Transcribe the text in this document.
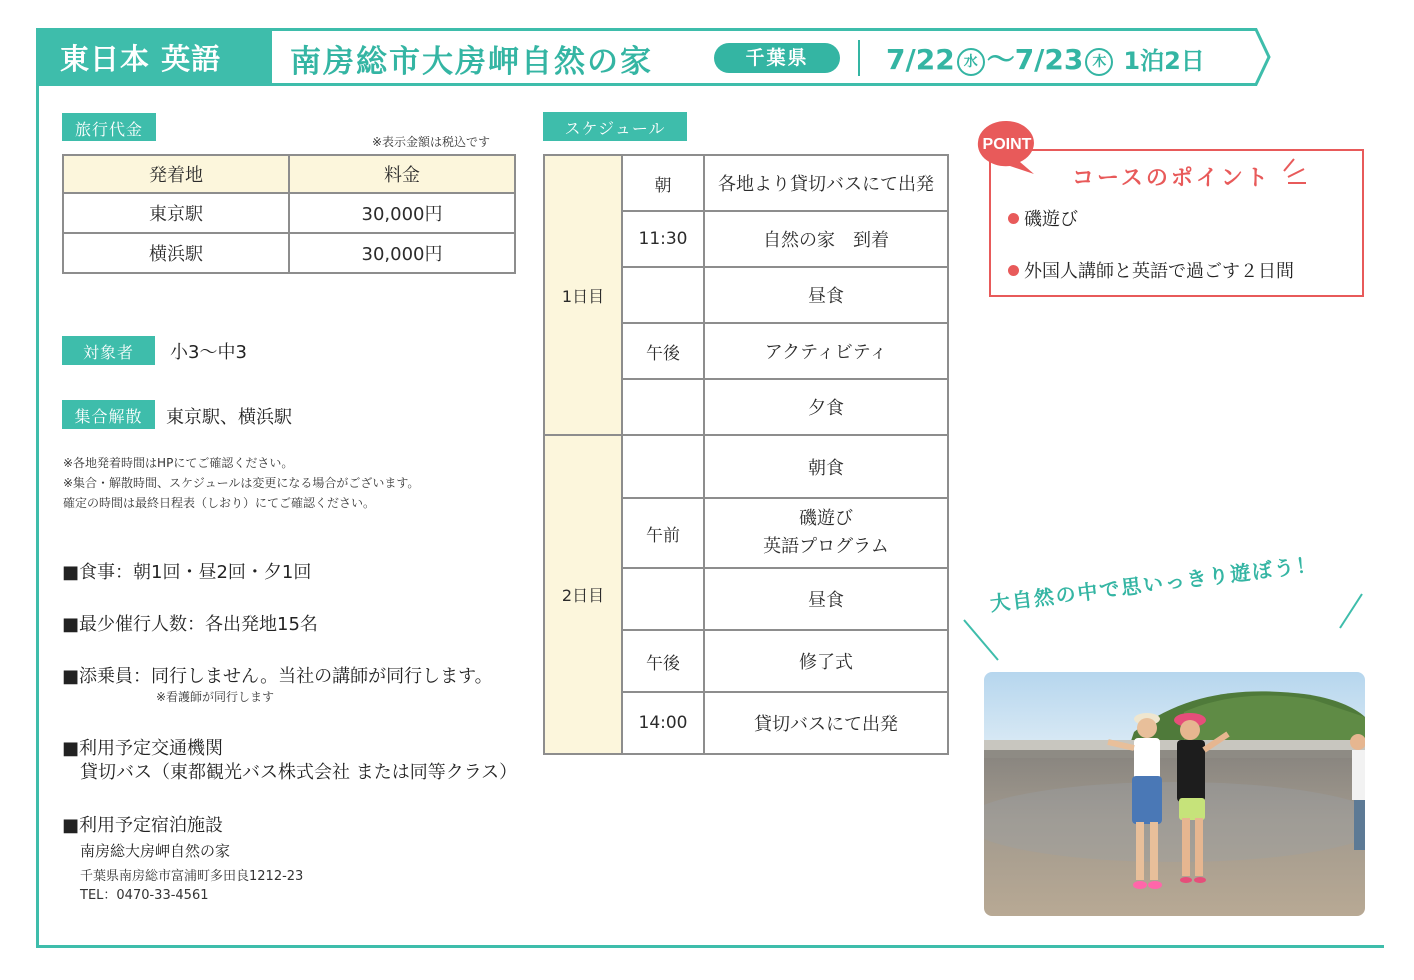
東日本 英語	南房総市大房岬自然の家	千葉県	7/22 水 〜7/23 木 1泊2日
旅行代金
※表示金額は税込です
発着地	料金
東京駅	30,000円
横浜駅	30,000円
対象者	小3〜中3
集合解散	東京駅、横浜駅
※各地発着時間はHPにてご確認ください。
※集合・解散時間、スケジュールは変更になる場合がございます。
確定の時間は最終日程表（しおり）にてご確認ください。
■食事：朝1回・昼2回・夕1回
■最少催行人数：各出発地15名
■添乗員：同行しません。当社の講師が同行します。
※看護師が同行します
■利用予定交通機関
貸切バス（東都観光バス株式会社 または同等クラス）
■利用予定宿泊施設
南房総大房岬自然の家
千葉県南房総市富浦町多田良1212-23
TEL：0470-33-4561
スケジュール
1日目	朝	各地より貸切バスにて出発
	11:30	自然の家　到着
		昼食
	午後	アクティビティ
		夕食
2日目		朝食
	午前	磯遊び
英語プログラム

		昼食
	午後	修了式
	14:00	貸切バスにて出発
POINT
コースのポイント
磯遊び
外国人講師と英語で過ごす２日間
大自然の中で思いっきり遊ぼう！
